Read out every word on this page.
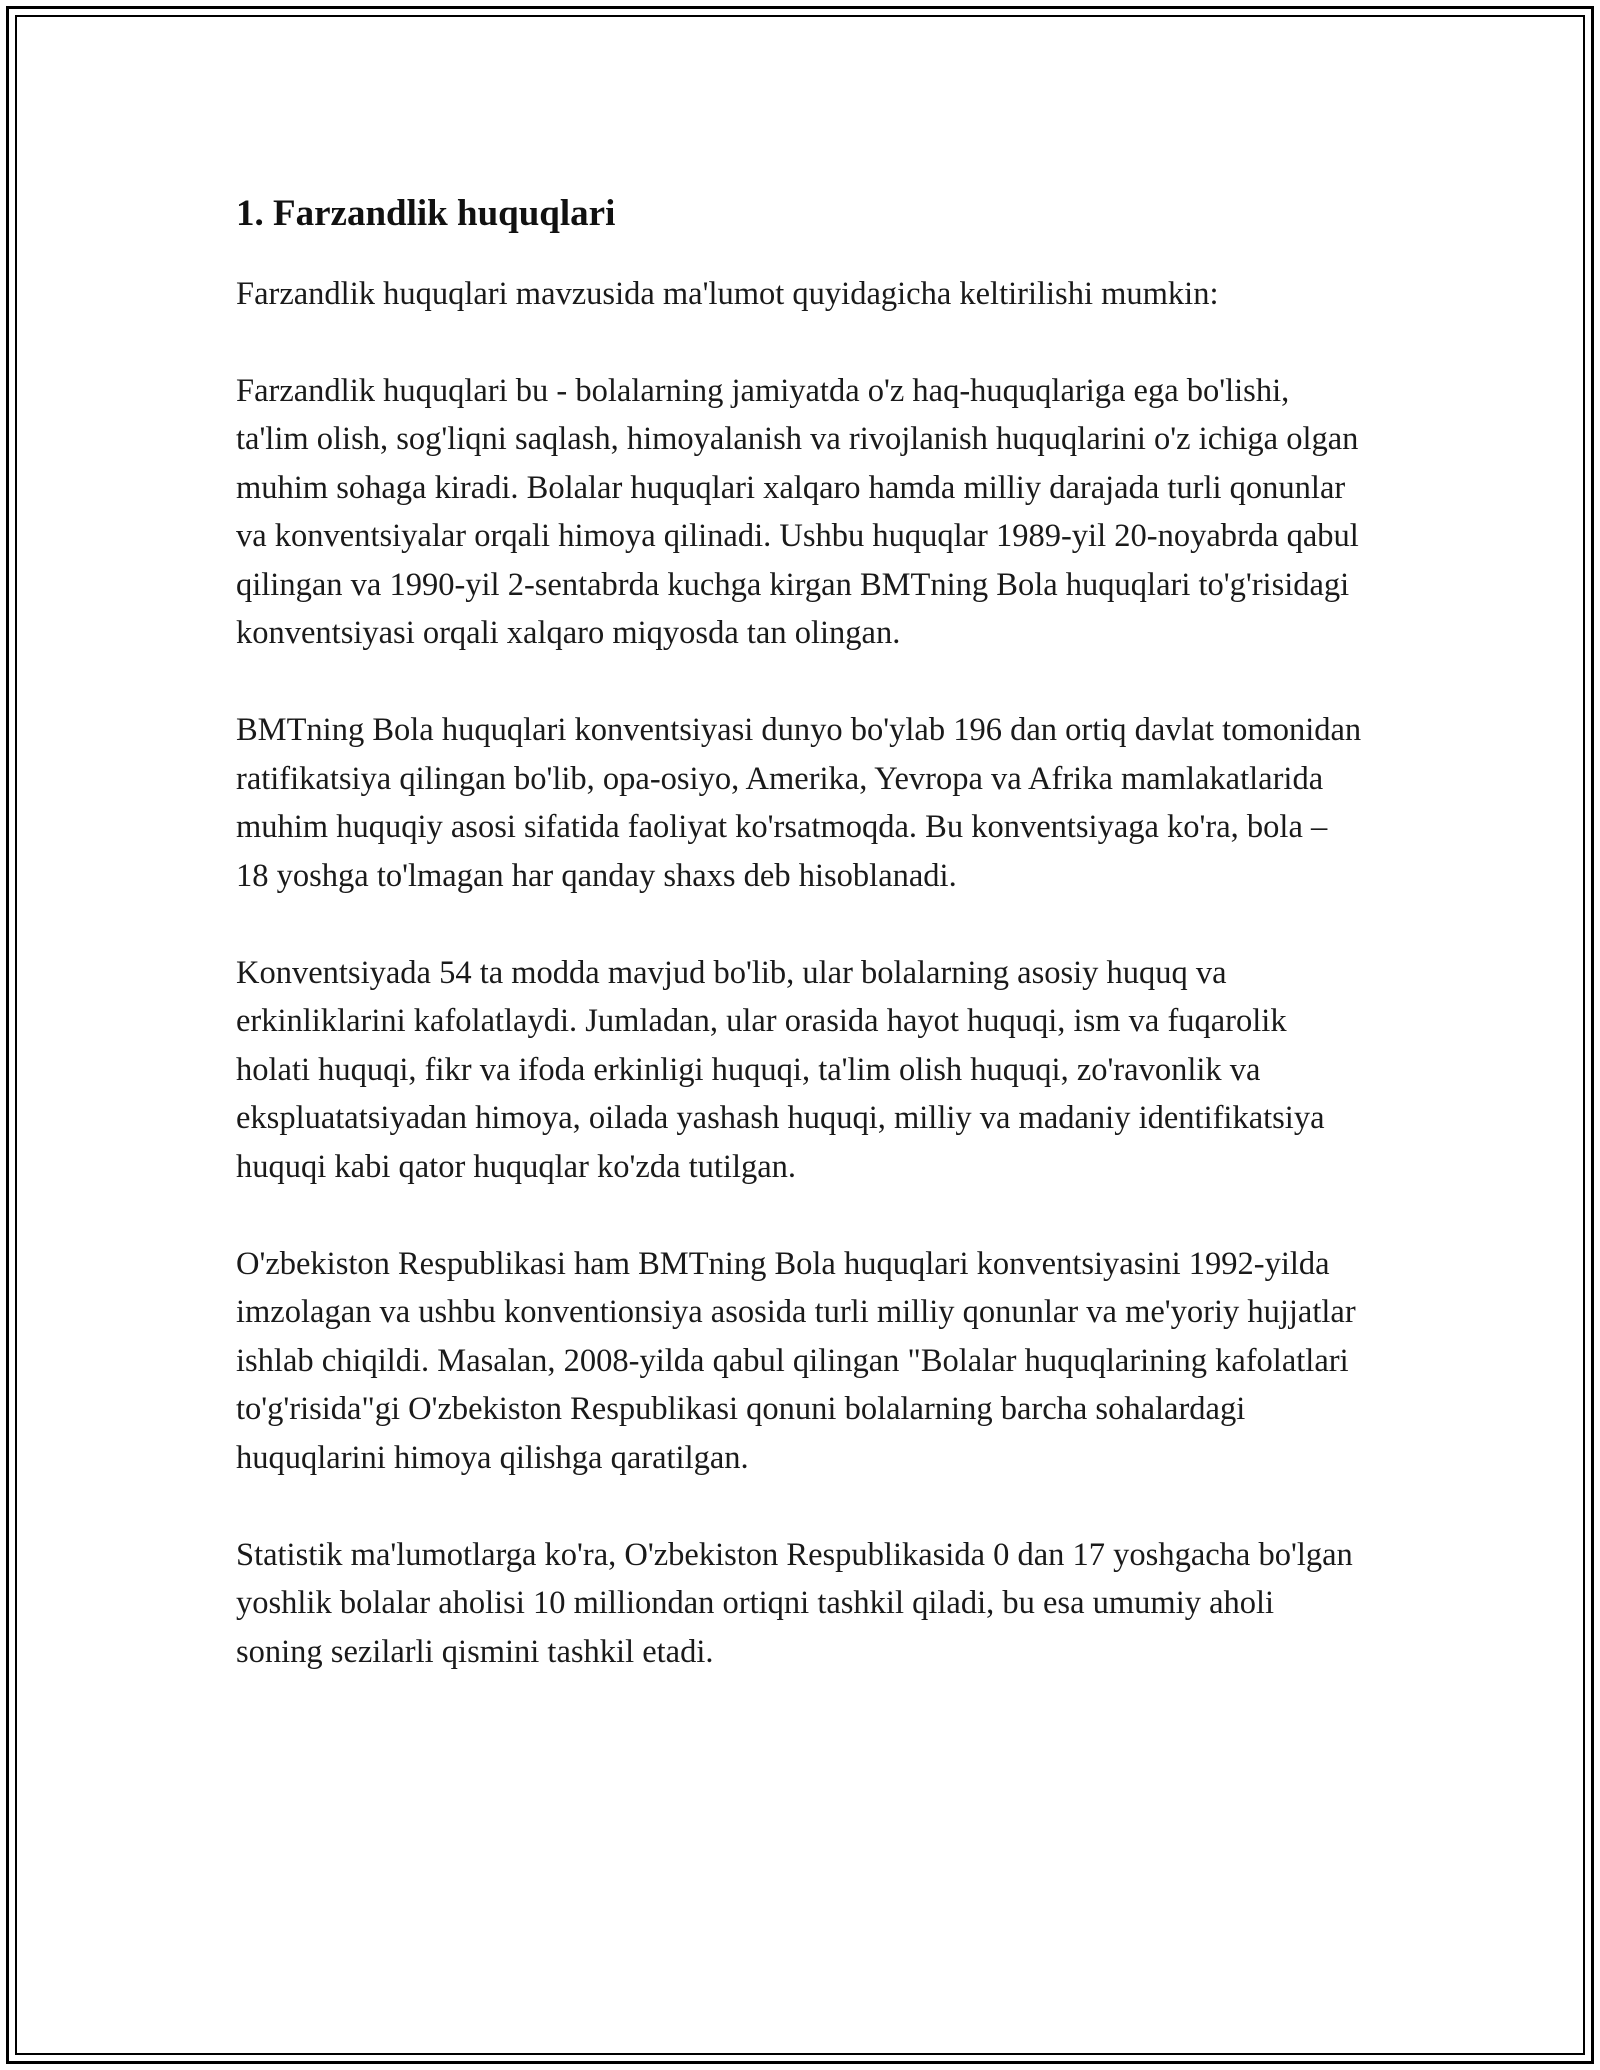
1. Farzandlik huquqlari

Farzandlik huquqlari mavzusida ma'lumot quyidagicha keltirilishi mumkin:

Farzandlik huquqlari bu - bolalarning jamiyatda o'z haq-huquqlariga ega bo'lishi, ta'lim olish, sog'liqni saqlash, himoyalanish va rivojlanish huquqlarini o'z ichiga olgan muhim sohaga kiradi. Bolalar huquqlari xalqaro hamda milliy darajada turli qonunlar va konventsiyalar orqali himoya qilinadi. Ushbu huquqlar 1989-yil 20-noyabrda qabul qilingan va 1990-yil 2-sentabrda kuchga kirgan BMTning Bola huquqlari to'g'risidagi konventsiyasi orqali xalqaro miqyosda tan olingan.

BMTning Bola huquqlari konventsiyasi dunyo bo'ylab 196 dan ortiq davlat tomonidan ratifikatsiya qilingan bo'lib, opa-osiyo, Amerika, Yevropa va Afrika mamlakatlarida muhim huquqiy asosi sifatida faoliyat ko'rsatmoqda. Bu konventsiyaga ko'ra, bola – 18 yoshga to'lmagan har qanday shaxs deb hisoblanadi.

Konventsiyada 54 ta modda mavjud bo'lib, ular bolalarning asosiy huquq va erkinliklarini kafolatlaydi. Jumladan, ular orasida hayot huquqi, ism va fuqarolik holati huquqi, fikr va ifoda erkinligi huquqi, ta'lim olish huquqi, zo'ravonlik va ekspluatatsiyadan himoya, oilada yashash huquqi, milliy va madaniy identifikatsiya huquqi kabi qator huquqlar ko'zda tutilgan.

O'zbekiston Respublikasi ham BMTning Bola huquqlari konventsiyasini 1992-yilda imzolagan va ushbu konventionsiya asosida turli milliy qonunlar va me'yoriy hujjatlar ishlab chiqildi. Masalan, 2008-yilda qabul qilingan "Bolalar huquqlarining kafolatlari to'g'risida"gi O'zbekiston Respublikasi qonuni bolalarning barcha sohalardagi huquqlarini himoya qilishga qaratilgan.

Statistik ma'lumotlarga ko'ra, O'zbekiston Respublikasida 0 dan 17 yoshgacha bo'lgan yoshlik bolalar aholisi 10 milliondan ortiqni tashkil qiladi, bu esa umumiy aholi soning sezilarli qismini tashkil etadi.
